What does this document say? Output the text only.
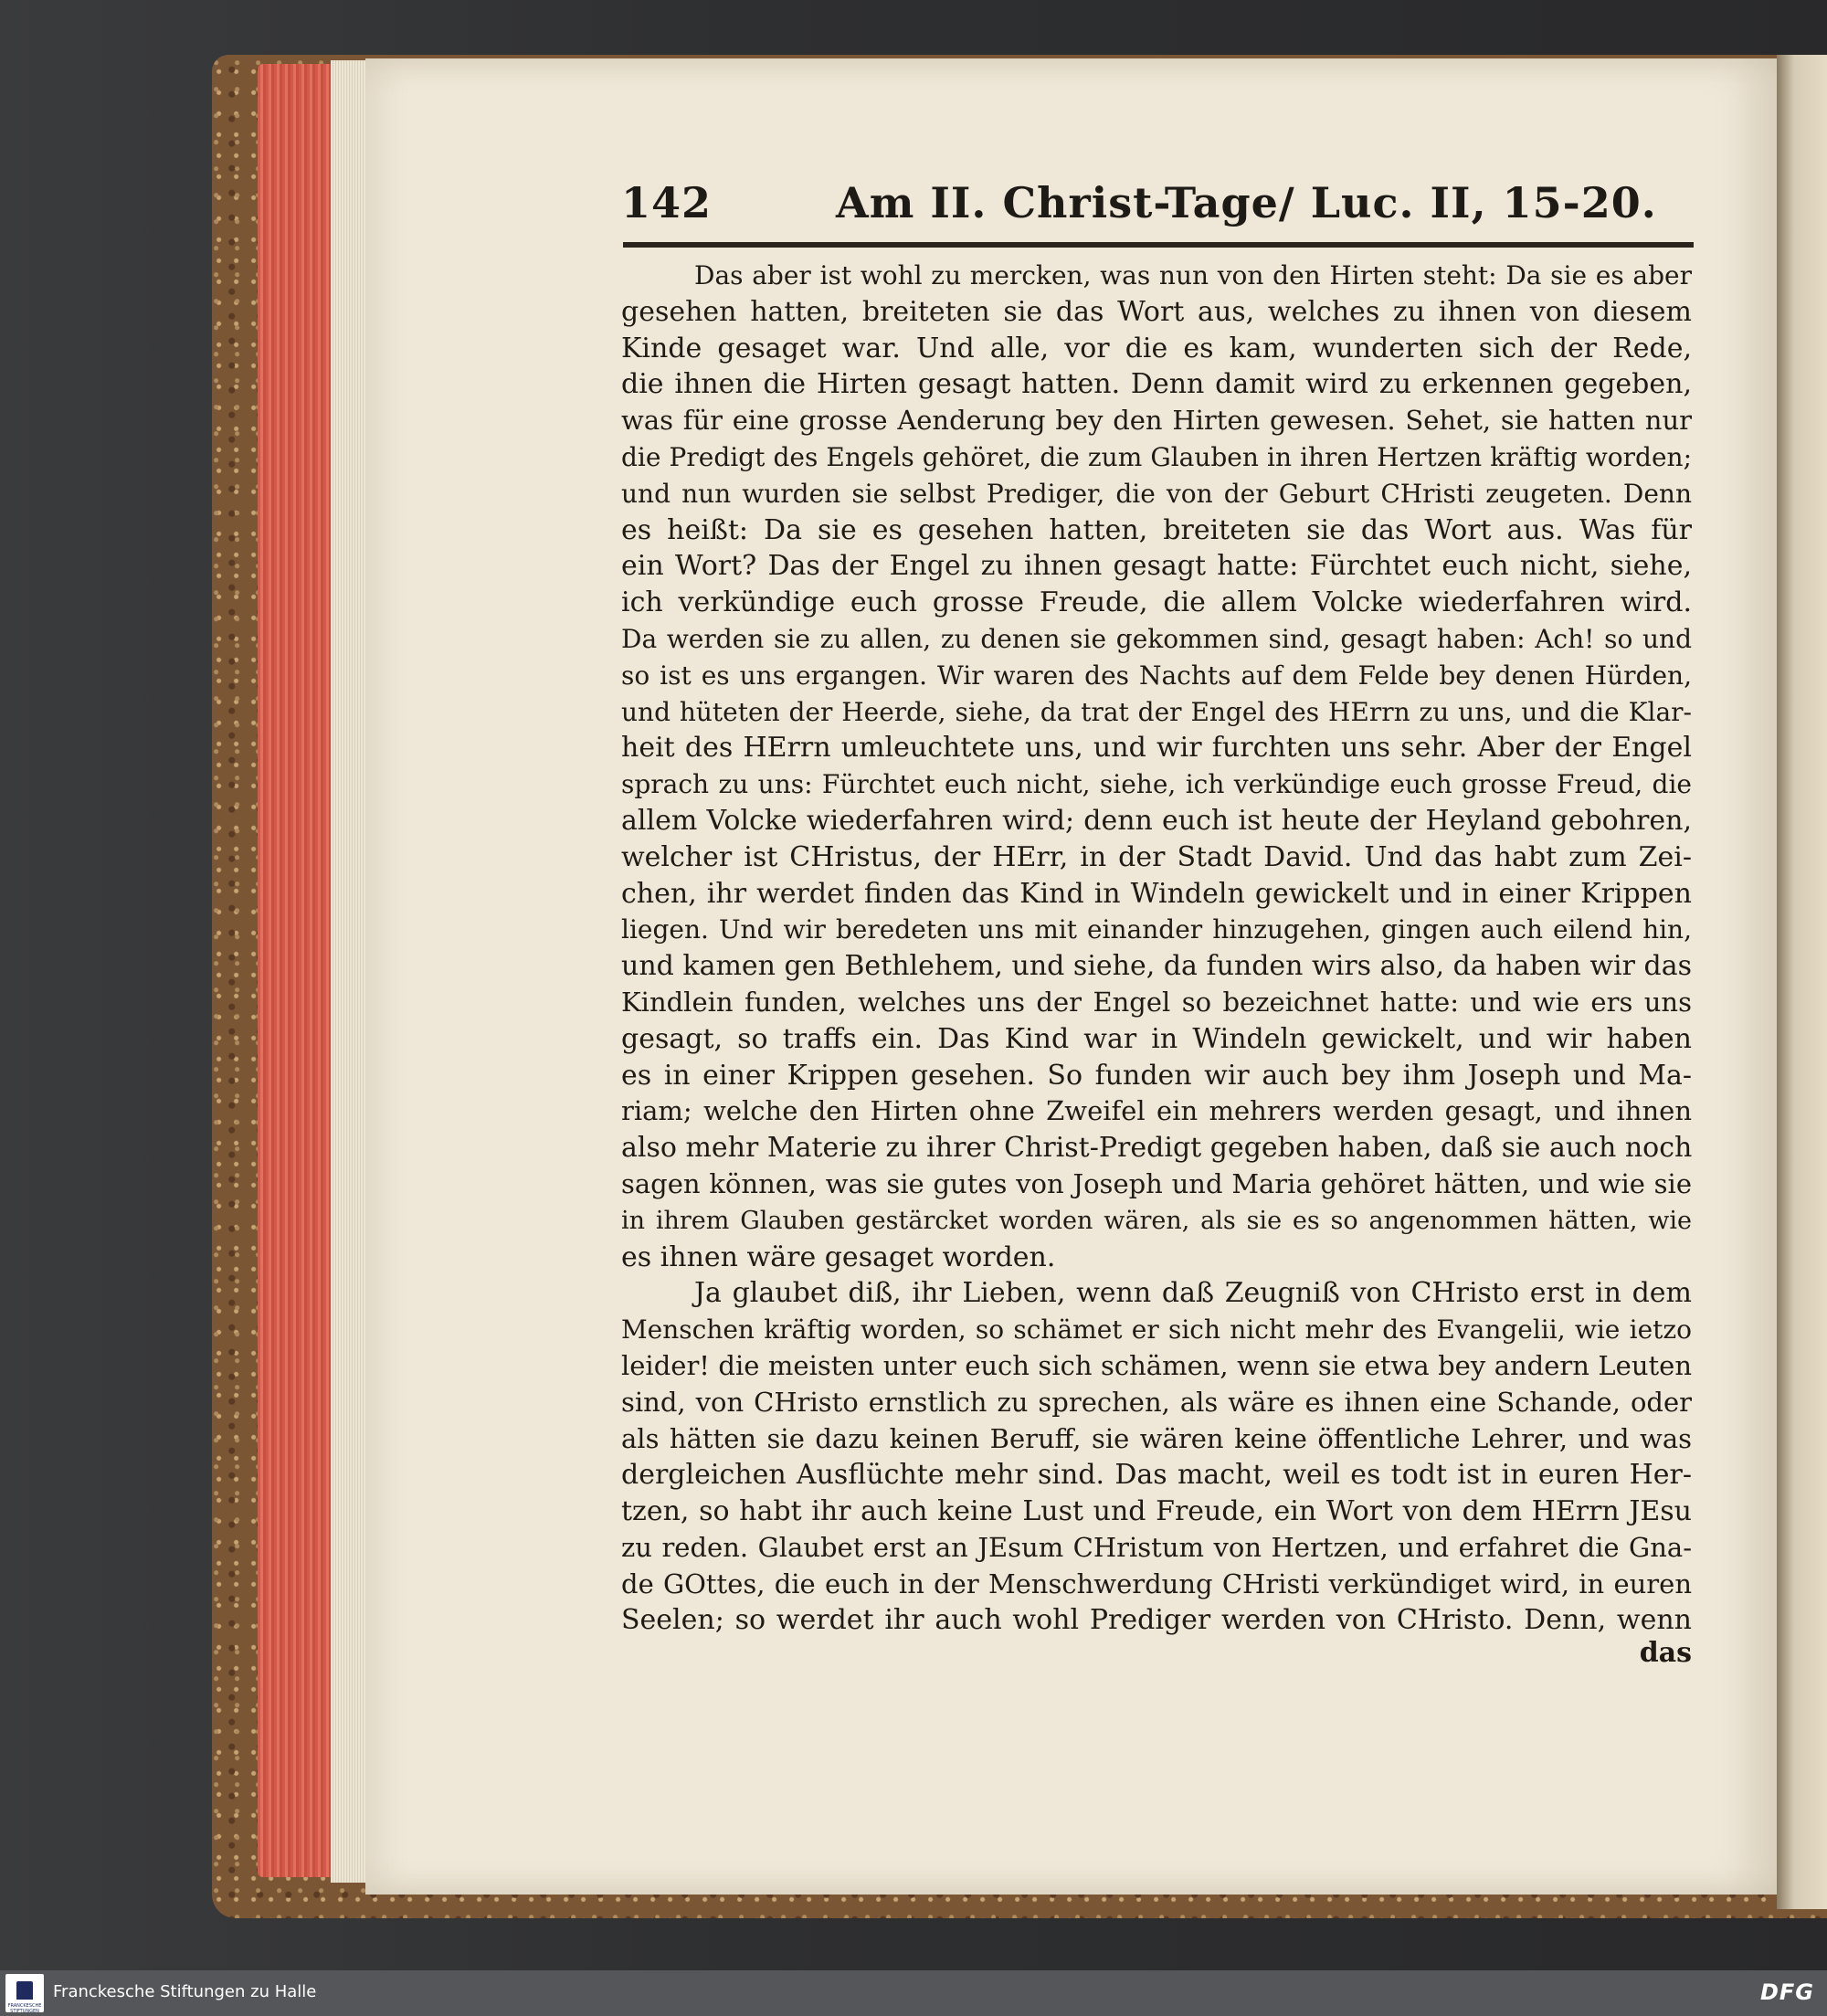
142	Am II. Christ-Tage/ Luc. II, 15-20.
Das aber ist wohl zu mercken, was nun von den Hirten steht: Da sie es aber
gesehen hatten, breiteten sie das Wort aus, welches zu ihnen von diesem
Kinde gesaget war. Und alle, vor die es kam, wunderten sich der Rede,
die ihnen die Hirten gesagt hatten. Denn damit wird zu erkennen gegeben,
was für eine grosse Aenderung bey den Hirten gewesen. Sehet, sie hatten nur
die Predigt des Engels gehöret, die zum Glauben in ihren Hertzen kräftig worden;
und nun wurden sie selbst Prediger, die von der Geburt CHristi zeugeten. Denn
es heißt: Da sie es gesehen hatten, breiteten sie das Wort aus. Was für
ein Wort? Das der Engel zu ihnen gesagt hatte: Fürchtet euch nicht, siehe,
ich verkündige euch grosse Freude, die allem Volcke wiederfahren wird.
Da werden sie zu allen, zu denen sie gekommen sind, gesagt haben: Ach! so und
so ist es uns ergangen. Wir waren des Nachts auf dem Felde bey denen Hürden,
und hüteten der Heerde, siehe, da trat der Engel des HErrn zu uns, und die Klar-
heit des HErrn umleuchtete uns, und wir furchten uns sehr. Aber der Engel
sprach zu uns: Fürchtet euch nicht, siehe, ich verkündige euch grosse Freud, die
allem Volcke wiederfahren wird; denn euch ist heute der Heyland gebohren,
welcher ist CHristus, der HErr, in der Stadt David. Und das habt zum Zei-
chen, ihr werdet finden das Kind in Windeln gewickelt und in einer Krippen
liegen. Und wir beredeten uns mit einander hinzugehen, gingen auch eilend hin,
und kamen gen Bethlehem, und siehe, da funden wirs also, da haben wir das
Kindlein funden, welches uns der Engel so bezeichnet hatte: und wie ers uns
gesagt, so traffs ein. Das Kind war in Windeln gewickelt, und wir haben
es in einer Krippen gesehen. So funden wir auch bey ihm Joseph und Ma-
riam; welche den Hirten ohne Zweifel ein mehrers werden gesagt, und ihnen
also mehr Materie zu ihrer Christ-Predigt gegeben haben, daß sie auch noch
sagen können, was sie gutes von Joseph und Maria gehöret hätten, und wie sie
in ihrem Glauben gestärcket worden wären, als sie es so angenommen hätten, wie
es ihnen wäre gesaget worden.
Ja glaubet diß, ihr Lieben, wenn daß Zeugniß von CHristo erst in dem
Menschen kräftig worden, so schämet er sich nicht mehr des Evangelii, wie ietzo
leider! die meisten unter euch sich schämen, wenn sie etwa bey andern Leuten
sind, von CHristo ernstlich zu sprechen, als wäre es ihnen eine Schande, oder
als hätten sie dazu keinen Beruff, sie wären keine öffentliche Lehrer, und was
dergleichen Ausflüchte mehr sind. Das macht, weil es todt ist in euren Her-
tzen, so habt ihr auch keine Lust und Freude, ein Wort von dem HErrn JEsu
zu reden. Glaubet erst an JEsum CHristum von Hertzen, und erfahret die Gna-
de GOttes, die euch in der Menschwerdung CHristi verkündiget wird, in euren
Seelen; so werdet ihr auch wohl Prediger werden von CHristo. Denn, wenn
das
FRANCKESCHE STIFTUNGEN
Franckesche Stiftungen zu Halle	DFG
